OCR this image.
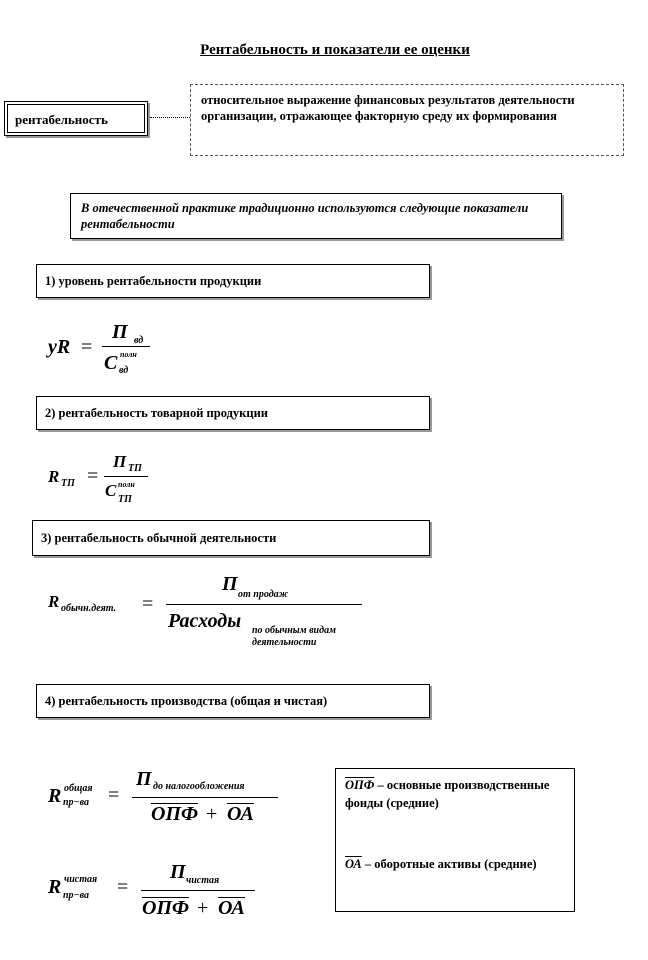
Рентабельность и показатели ее оценки
рентабельность
относительное выражение финансовых результатов деятельности организации, отражающее факторную среду их формирования
В отечественной практике традиционно используются следующие показатели рентабельности
1) уровень рентабельности продукции
yR =
П вд
С полн
вд
2) рентабельность товарной продукции
R ТП =
П ТП
С полн
ТП
3) рентабельность обычной деятельности
R обычн.деят. =
П от продаж
Расходы по обычным видам
деятельности
4) рентабельность производства (общая и чистая)
R общая
пр−ва =
П до налогообложения
ОПФ + ОА
R чистая
пр−ва =
П чистая
ОПФ + ОА
ОПФ – основные производственные фонды (средние)
ОА – оборотные активы (средние)
